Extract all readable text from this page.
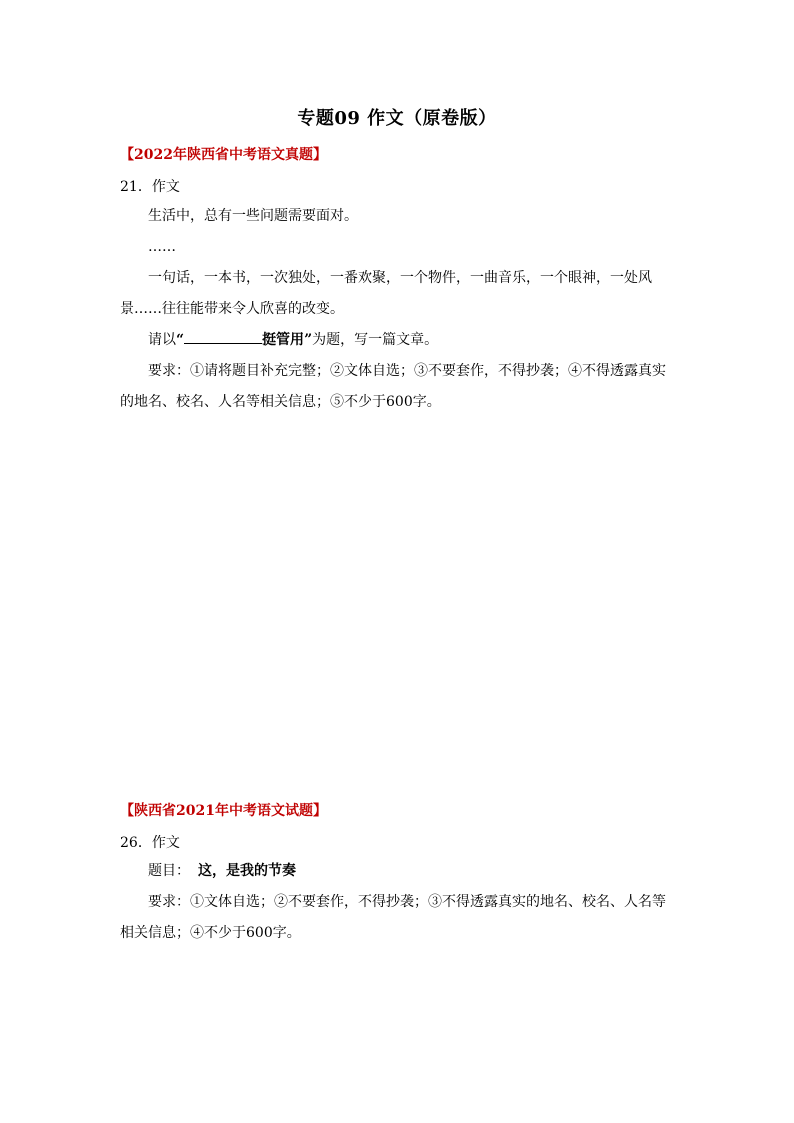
专题09 作文（原卷版）
【2022年陕西省中考语文真题】
21．作文

生活中，总有一些问题需要面对。

……

一句话，一本书，一次独处，一番欢聚，一个物件，一曲音乐，一个眼神，一处风景……往往能带来令人欣喜的改变。

请以“	挺管用”为题，写一篇文章。

要求：①请将题目补充完整；②文体自选；③不要套作，不得抄袭；④不得透露真实的地名、校名、人名等相关信息；⑤不少于600字。

【陕西省2021年中考语文试题】
26．作文

题目： 这，是我的节奏

要求：①文体自选；②不要套作，不得抄袭；③不得透露真实的地名、校名、人名等相关信息；④不少于600字。
